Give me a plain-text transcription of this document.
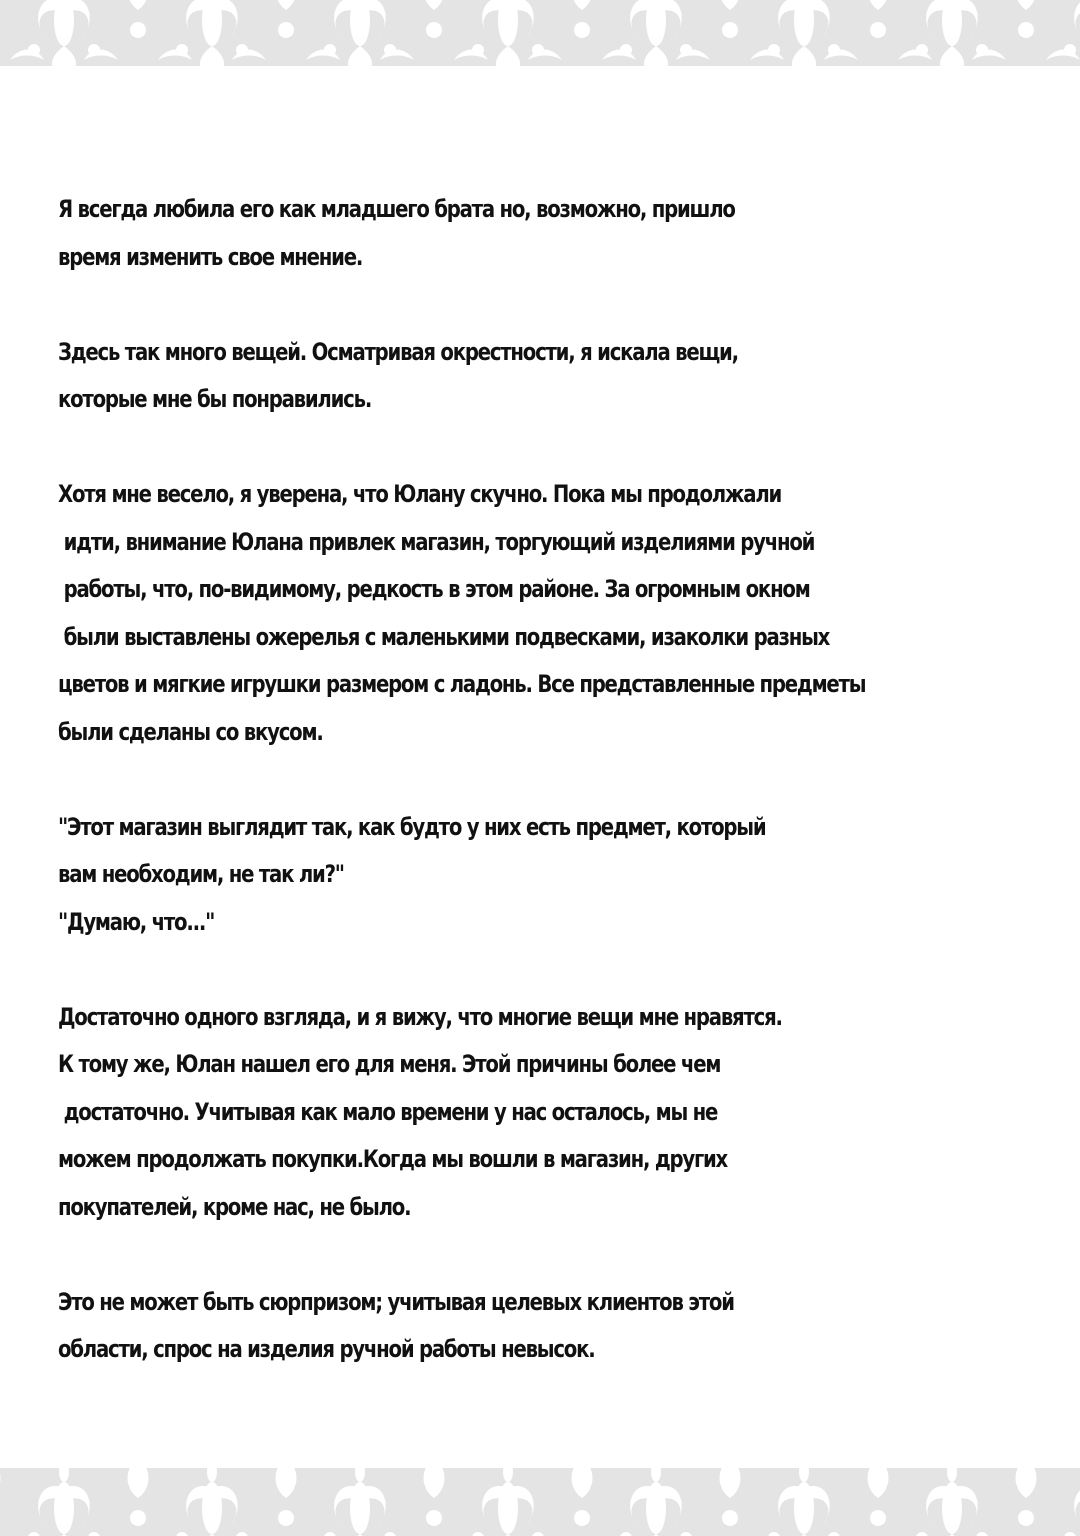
Я всегда любила его как младшего брата но, возможно, пришло
время изменить свое мнение.
Здесь так много вещей. Осматривая окрестности, я искала вещи,
которые мне бы понравились.
Хотя мне весело, я уверена, что Юлану скучно. Пока мы продолжали
идти, внимание Юлана привлек магазин, торгующий изделиями ручной
работы, что, по-видимому, редкость в этом районе. За огромным окном
были выставлены ожерелья с маленькими подвесками, изаколки разных
цветов и мягкие игрушки размером с ладонь. Все представленные предметы
были сделаны со вкусом.
"Этот магазин выглядит так, как будто у них есть предмет, который
вам необходим, не так ли?"
"Думаю, что..."
Достаточно одного взгляда, и я вижу, что многие вещи мне нравятся.
К тому же, Юлан нашел его для меня. Этой причины более чем
достаточно. Учитывая как мало времени у нас осталось, мы не
можем продолжать покупки.Когда мы вошли в магазин, других
покупателей, кроме нас, не было.
Это не может быть сюрпризом; учитывая целевых клиентов этой
области, спрос на изделия ручной работы невысок.
